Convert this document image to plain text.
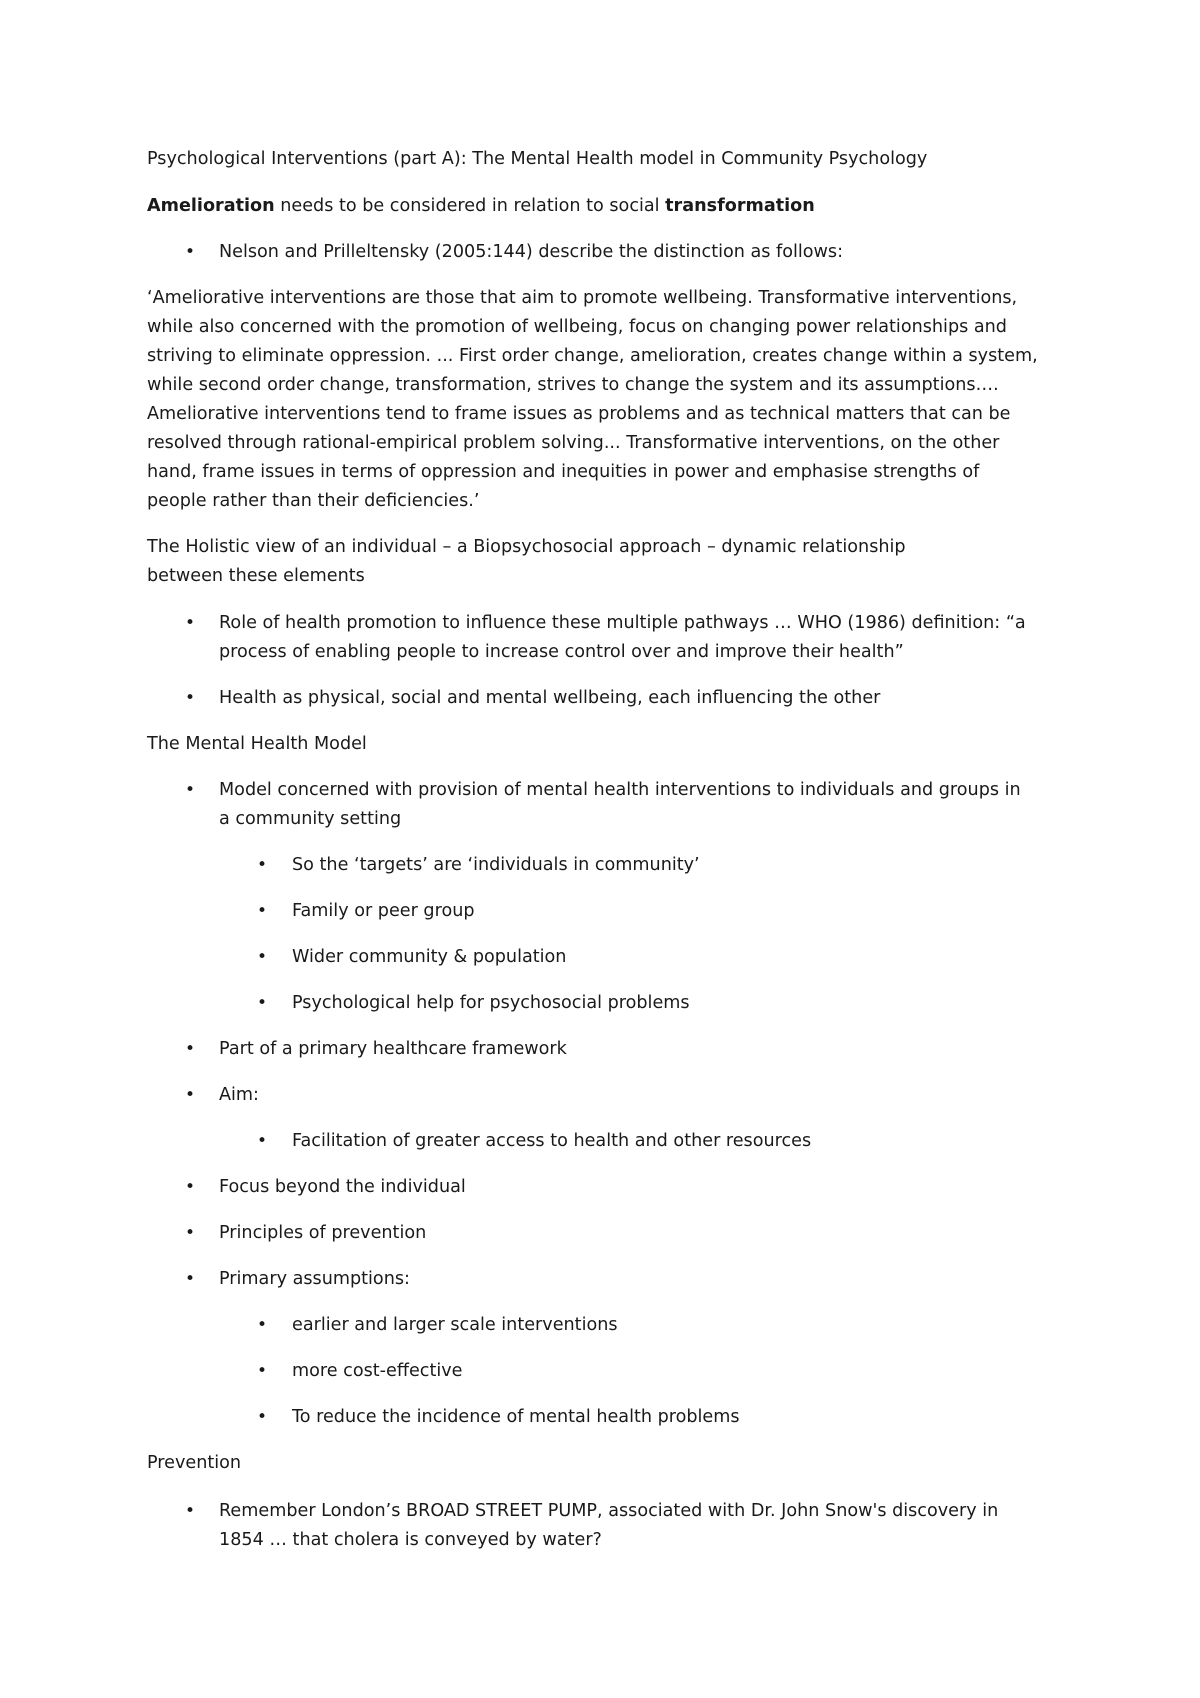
Psychological Interventions (part A): The Mental Health model in Community Psychology
Amelioration needs to be considered in relation to social transformation
•
Nelson and Prilleltensky (2005:144) describe the distinction as follows:
‘Ameliorative interventions are those that aim to promote wellbeing. Transformative interventions,
while also concerned with the promotion of wellbeing, focus on changing power relationships and
striving to eliminate oppression. ... First order change, amelioration, creates change within a system,
while second order change, transformation, strives to change the system and its assumptions….
Ameliorative interventions tend to frame issues as problems and as technical matters that can be
resolved through rational-empirical problem solving... Transformative interventions, on the other
hand, frame issues in terms of oppression and inequities in power and emphasise strengths of
people rather than their deficiencies.’
The Holistic view of an individual – a Biopsychosocial approach – dynamic relationship
between these elements
•
Role of health promotion to influence these multiple pathways … WHO (1986) definition: “a
process of enabling people to increase control over and improve their health”
•
Health as physical, social and mental wellbeing, each influencing the other
The Mental Health Model
•
Model concerned with provision of mental health interventions to individuals and groups in
a community setting
•
So the ‘targets’ are ‘individuals in community’
•
Family or peer group
•
Wider community & population
•
Psychological help for psychosocial problems
•
Part of a primary healthcare framework
•
Aim:
•
Facilitation of greater access to health and other resources
•
Focus beyond the individual
•
Principles of prevention
•
Primary assumptions:
•
earlier and larger scale interventions
•
more cost-effective
•
To reduce the incidence of mental health problems
Prevention
•
Remember London’s BROAD STREET PUMP, associated with Dr. John Snow's discovery in
1854 … that cholera is conveyed by water?
